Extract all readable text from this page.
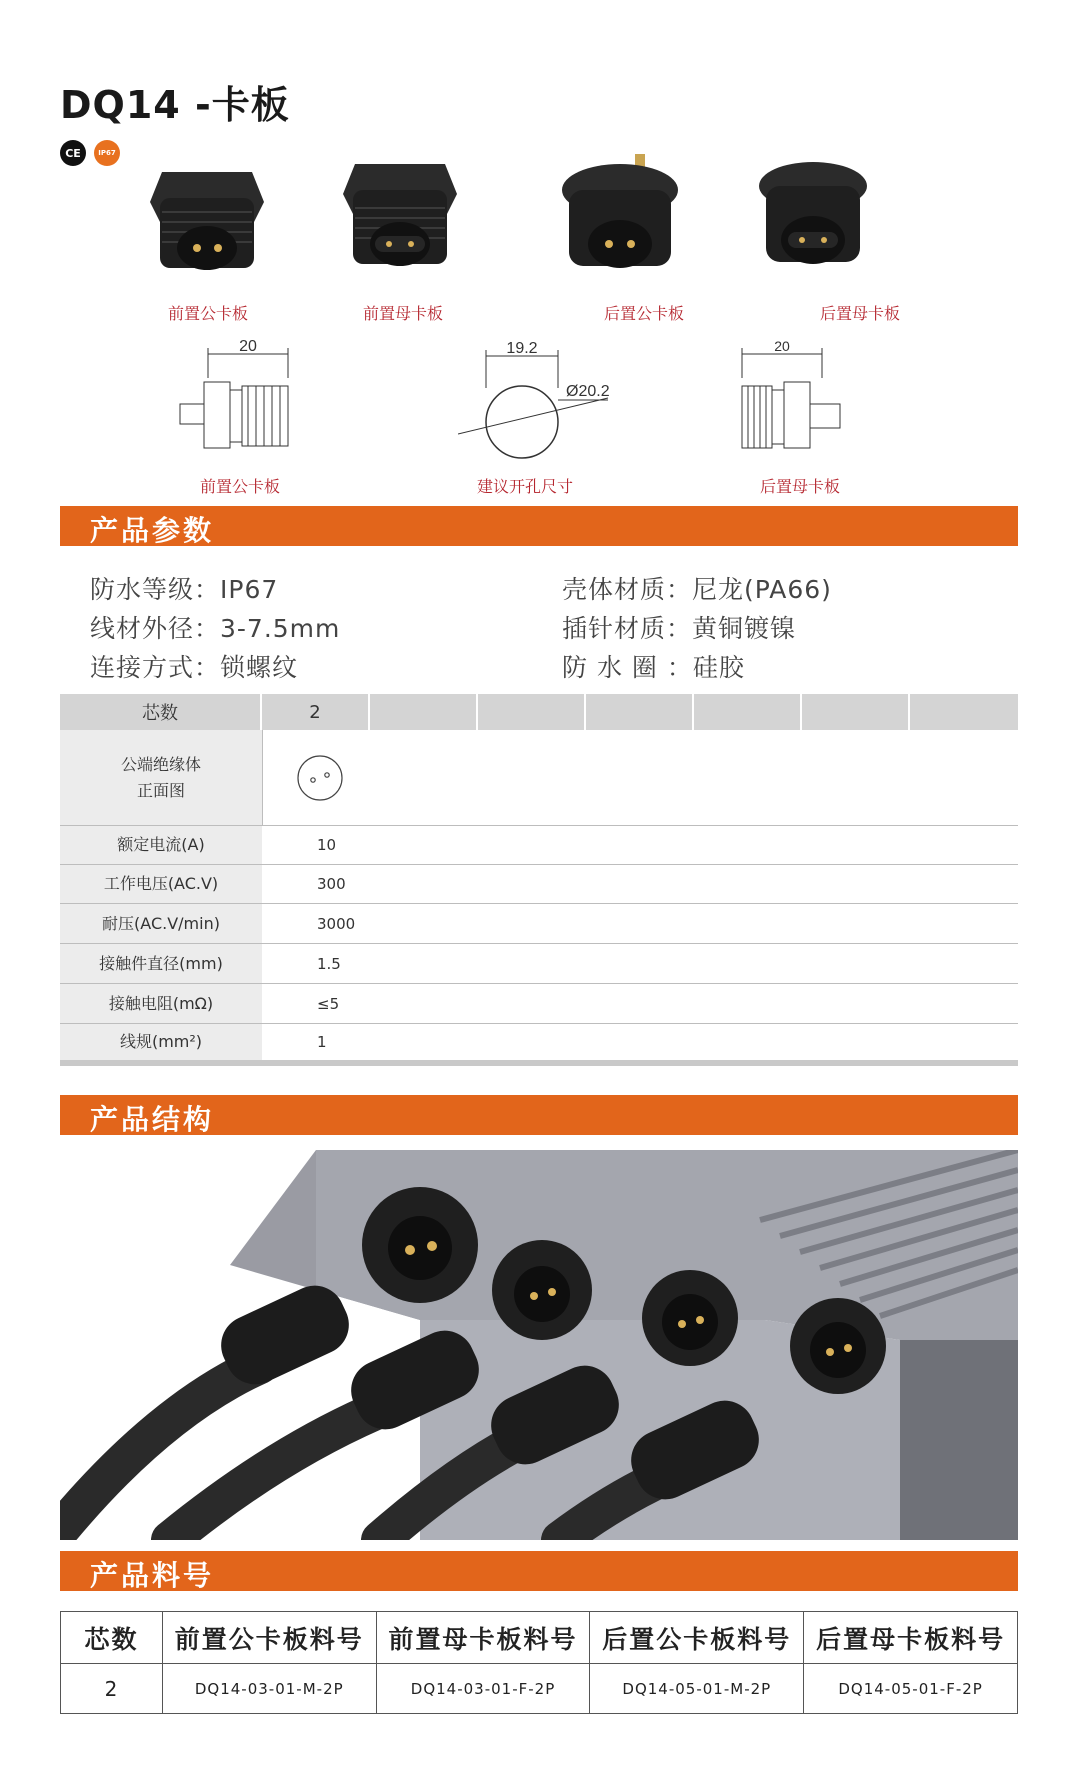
DQ14 -卡板
CE	IP67
前置公卡板	前置母卡板	后置公卡板	后置母卡板
20	19.2
Ø20.2
20
前置公卡板	建议开孔尺寸	后置母卡板
产品参数
防水等级：IP67	壳体材质：尼龙(PA66)
线材外径：3-7.5mm	插针材质：黄铜镀镍
连接方式：锁螺纹	防 水 圈 ：硅胶
芯数	2
公端绝缘体
正面图
额定电流(A)	10
工作电压(AC.V)	300
耐压(AC.V/min)	3000
接触件直径(mm)	1.5
接触电阻(mΩ)	≤5
线规(mm²)	1
产品结构
产品料号
芯数	前置公卡板料号	前置母卡板料号	后置公卡板料号	后置母卡板料号
2	DQ14-03-01-M-2P	DQ14-03-01-F-2P	DQ14-05-01-M-2P	DQ14-05-01-F-2P
